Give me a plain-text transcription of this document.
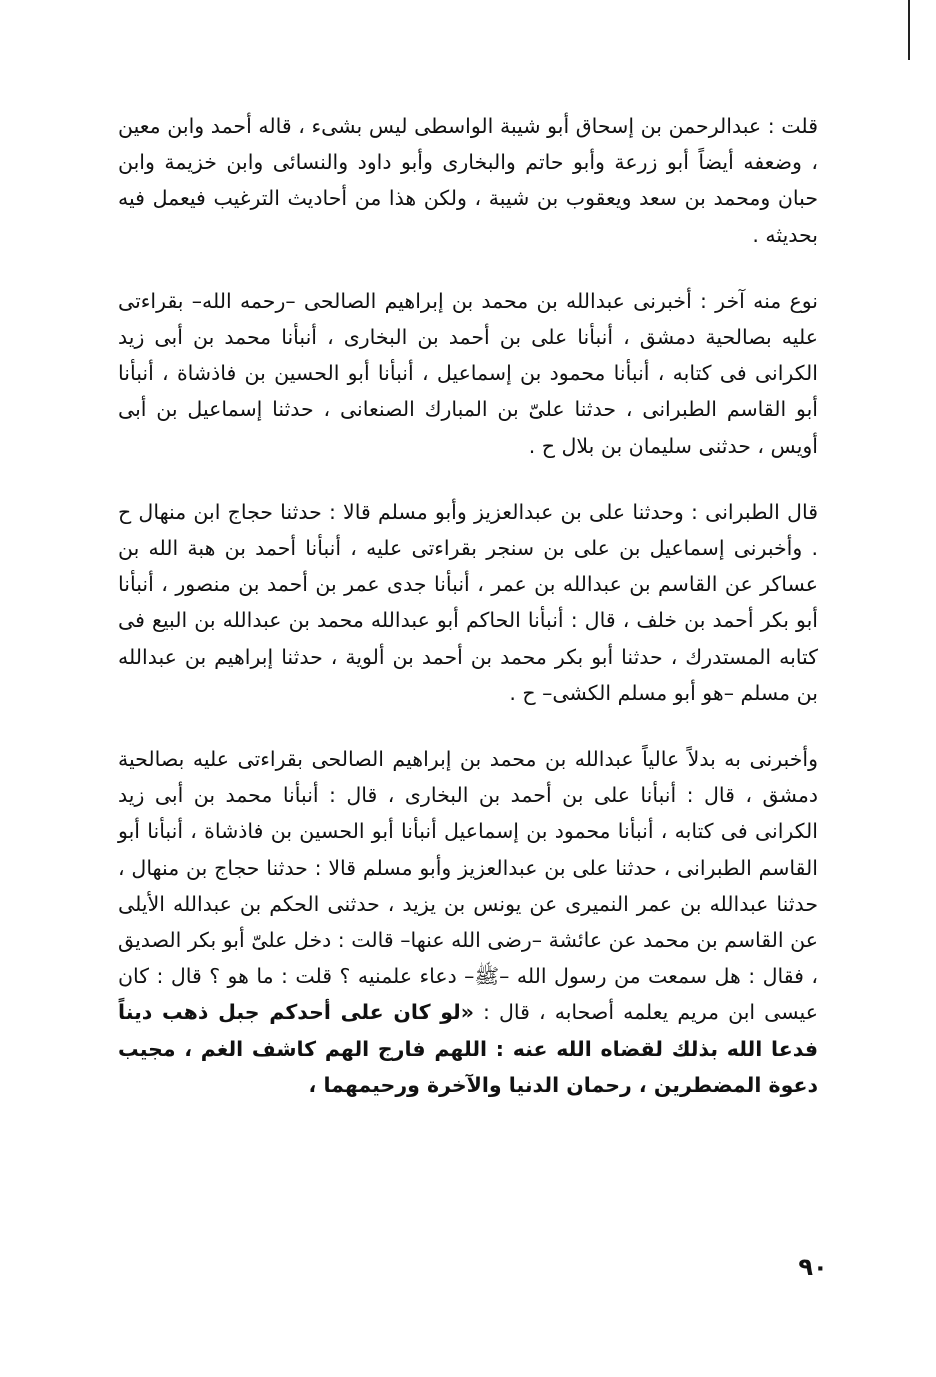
قلت : عبدالرحمن بن إسحاق أبو شيبة الواسطى ليس بشىء ، قاله أحمد وابن معين ، وضعفه أيضاً أبو زرعة وأبو حاتم والبخارى وأبو داود والنسائى وابن خزيمة وابن حبان ومحمد بن سعد ويعقوب بن شيبة ، ولكن هذا من أحاديث الترغيب فيعمل فيه بحديثه .

نوع منه آخر : أخبرنى عبدالله بن محمد بن إبراهيم الصالحى –رحمه الله– بقراءتى عليه بصالحية دمشق ، أنبأنا على بن أحمد بن البخارى ، أنبأنا محمد بن أبى زيد الكرانى فى كتابه ، أنبأنا محمود بن إسماعيل ، أنبأنا أبو الحسين بن فاذشاة ، أنبأنا أبو القاسم الطبرانى ، حدثنا علىّ بن المبارك الصنعانى ، حدثنا إسماعيل بن أبى أويس ، حدثنى سليمان بن بلال ح .

قال الطبرانى : وحدثنا على بن عبدالعزيز وأبو مسلم قالا : حدثنا حجاج ابن منهال ح . وأخبرنى إسماعيل بن على بن سنجر بقراءتى عليه ، أنبأنا أحمد بن هبة الله بن عساكر عن القاسم بن عبدالله بن عمر ، أنبأنا جدى عمر بن أحمد بن منصور ، أنبأنا أبو بكر أحمد بن خلف ، قال : أنبأنا الحاكم أبو عبدالله محمد بن عبدالله بن البيع فى كتابه المستدرك ، حدثنا أبو بكر محمد بن أحمد بن ألوية ، حدثنا إبراهيم بن عبدالله بن مسلم –هو أبو مسلم الكشى– ح .

وأخبرنى به بدلاً عالياً عبدالله بن محمد بن إبراهيم الصالحى بقراءتى عليه بصالحية دمشق ، قال : أنبأنا على بن أحمد بن البخارى ، قال : أنبأنا محمد بن أبى زيد الكرانى فى كتابه ، أنبأنا محمود بن إسماعيل أنبأنا أبو الحسين بن فاذشاة ، أنبأنا أبو القاسم الطبرانى ، حدثنا على بن عبدالعزيز وأبو مسلم قالا : حدثنا حجاج بن منهال ، حدثنا عبدالله بن عمر النميرى عن يونس بن يزيد ، حدثنى الحكم بن عبدالله الأيلى عن القاسم بن محمد عن عائشة –رضى الله عنها– قالت : دخل علىّ أبو بكر الصديق ، فقال : هل سمعت من رسول الله –ﷺ– دعاء علمنيه ؟ قلت : ما هو ؟ قال : كان عيسى ابن مريم يعلمه أصحابه ، قال : «لو كان على أحدكم جبل ذهب ديناً فدعا الله بذلك لقضاه الله عنه : اللهم فارج الهم كاشف الغم ، مجيب دعوة المضطرين ، رحمان الدنيا والآخرة ورحيمهما ،

٩٠
